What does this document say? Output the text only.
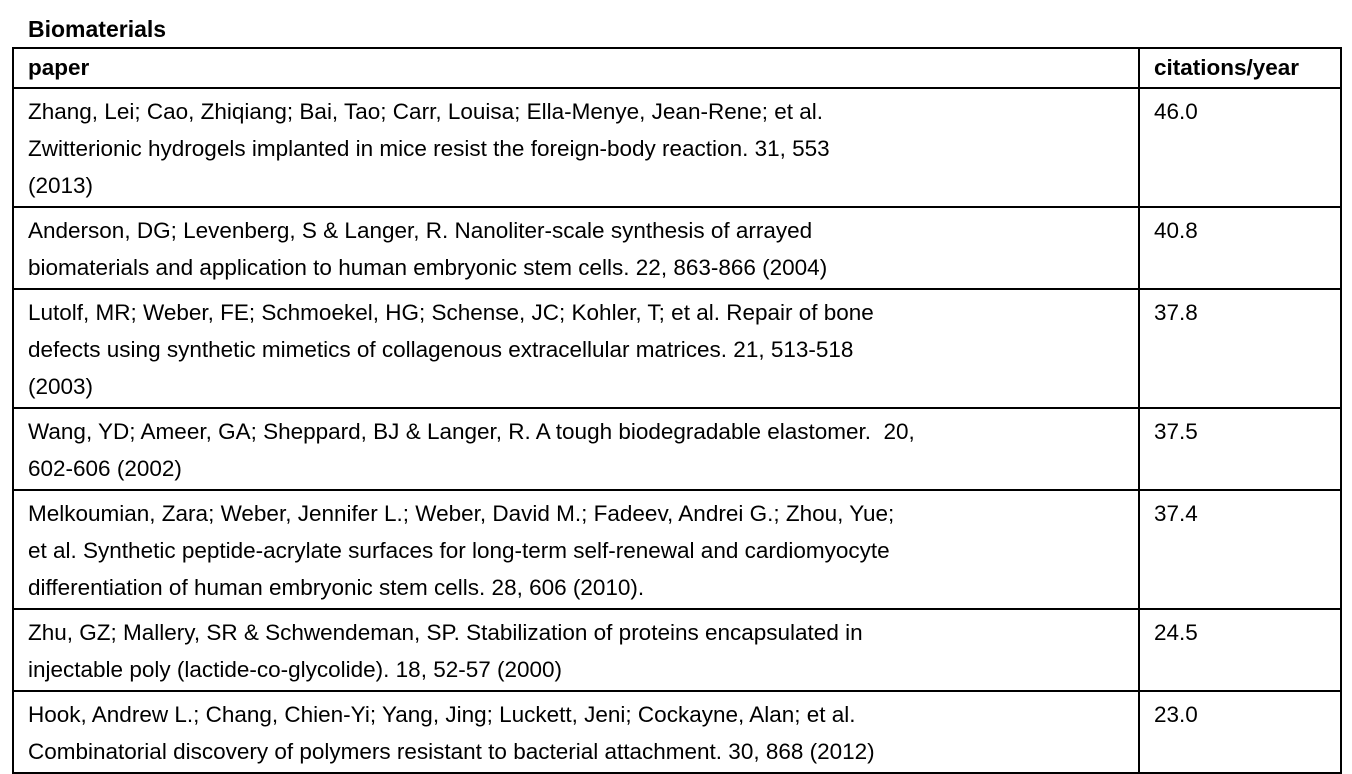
Biomaterials
paper	citations/year

Zhang, Lei; Cao, Zhiqiang; Bai, Tao; Carr, Louisa; Ella-Menye, Jean-Rene; et al.
Zwitterionic hydrogels implanted in mice resist the foreign-body reaction. 31, 553
(2013)	46.0

Anderson, DG; Levenberg, S & Langer, R. Nanoliter-scale synthesis of arrayed
biomaterials and application to human embryonic stem cells. 22, 863-866 (2004)	40.8

Lutolf, MR; Weber, FE; Schmoekel, HG; Schense, JC; Kohler, T; et al. Repair of bone
defects using synthetic mimetics of collagenous extracellular matrices. 21, 513-518
(2003)	37.8

Wang, YD; Ameer, GA; Sheppard, BJ & Langer, R. A tough biodegradable elastomer.  20,
602-606 (2002)	37.5

Melkoumian, Zara; Weber, Jennifer L.; Weber, David M.; Fadeev, Andrei G.; Zhou, Yue;
et al. Synthetic peptide-acrylate surfaces for long-term self-renewal and cardiomyocyte
differentiation of human embryonic stem cells. 28, 606 (2010).	37.4

Zhu, GZ; Mallery, SR & Schwendeman, SP. Stabilization of proteins encapsulated in
injectable poly (lactide-co-glycolide). 18, 52-57 (2000)	24.5

Hook, Andrew L.; Chang, Chien-Yi; Yang, Jing; Luckett, Jeni; Cockayne, Alan; et al.
Combinatorial discovery of polymers resistant to bacterial attachment. 30, 868 (2012)	23.0
